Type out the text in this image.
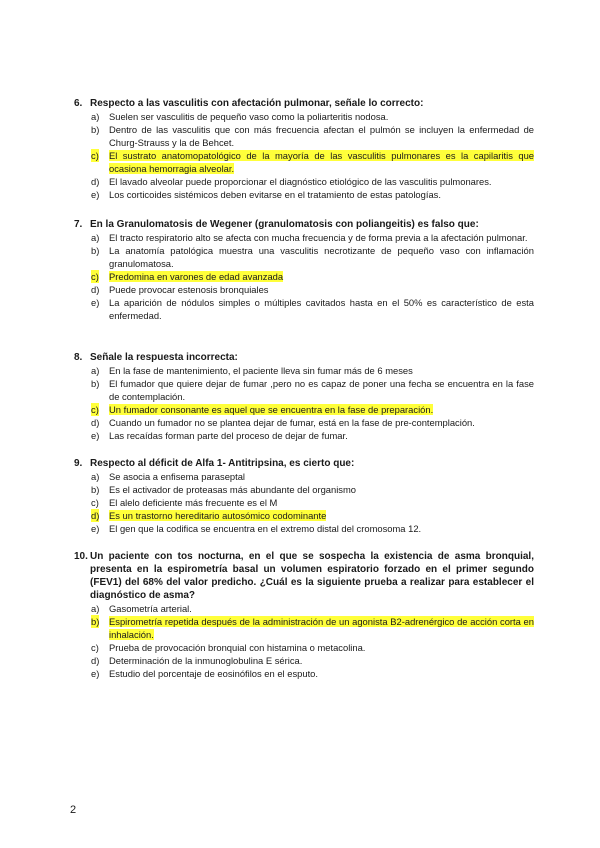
6. Respecto a las vasculitis con afectación pulmonar, señale lo correcto:
a) Suelen ser vasculitis de pequeño vaso como la poliarteritis nodosa.
b) Dentro de las vasculitis que con más frecuencia afectan el pulmón se incluyen la enfermedad de Churg-Strauss y la de Behcet.
c) El sustrato anatomopatológico de la mayoría de las vasculitis pulmonares es la capilaritis que ocasiona hemorragia alveolar.
d) El lavado alveolar puede proporcionar el diagnóstico etiológico de las vasculitis pulmonares.
e) Los corticoides sistémicos deben evitarse en el tratamiento de estas patologías.
7. En la Granulomatosis de Wegener (granulomatosis con poliangeitis) es falso que:
a) El tracto respiratorio alto se afecta con mucha frecuencia y de forma previa a la afectación pulmonar.
b) La anatomía patológica muestra una vasculitis necrotizante de pequeño vaso con inflamación granulomatosa.
c) Predomina en varones de edad avanzada
d) Puede provocar estenosis bronquiales
e) La aparición de nódulos simples o múltiples cavitados hasta en el 50% es característico de esta enfermedad.
8. Señale la respuesta incorrecta:
a) En la fase de mantenimiento, el paciente lleva sin fumar más de 6 meses
b) El fumador que quiere dejar de fumar ,pero no es capaz de poner una fecha se encuentra en la fase de contemplación.
c) Un fumador consonante es aquel que se encuentra en la fase de preparación.
d) Cuando un fumador no se plantea dejar de fumar, está en la fase de pre-contemplación.
e) Las recaídas forman parte del proceso de dejar de fumar.
9. Respecto al déficit de Alfa 1- Antitripsina, es cierto que:
a) Se asocia a enfisema paraseptal
b) Es el activador de proteasas más abundante del organismo
c) El alelo deficiente más frecuente es el M
d) Es un trastorno hereditario autosómico codominante
e) El gen que la codifica se encuentra en el extremo distal del cromosoma 12.
10. Un paciente con tos nocturna, en el que se sospecha la existencia de asma bronquial, presenta en la espirometría basal un volumen espiratorio forzado en el primer segundo (FEV1) del 68% del valor predicho. ¿Cuál es la siguiente prueba a realizar para establecer el diagnóstico de asma?
a) Gasometría arterial.
b) Espirometría repetida después de la administración de un agonista B2-adrenérgico de acción corta en inhalación.
c) Prueba de provocación bronquial con histamina o metacolina.
d) Determinación de la inmunoglobulina E sérica.
e) Estudio del porcentaje de eosinófilos en el esputo.
2
